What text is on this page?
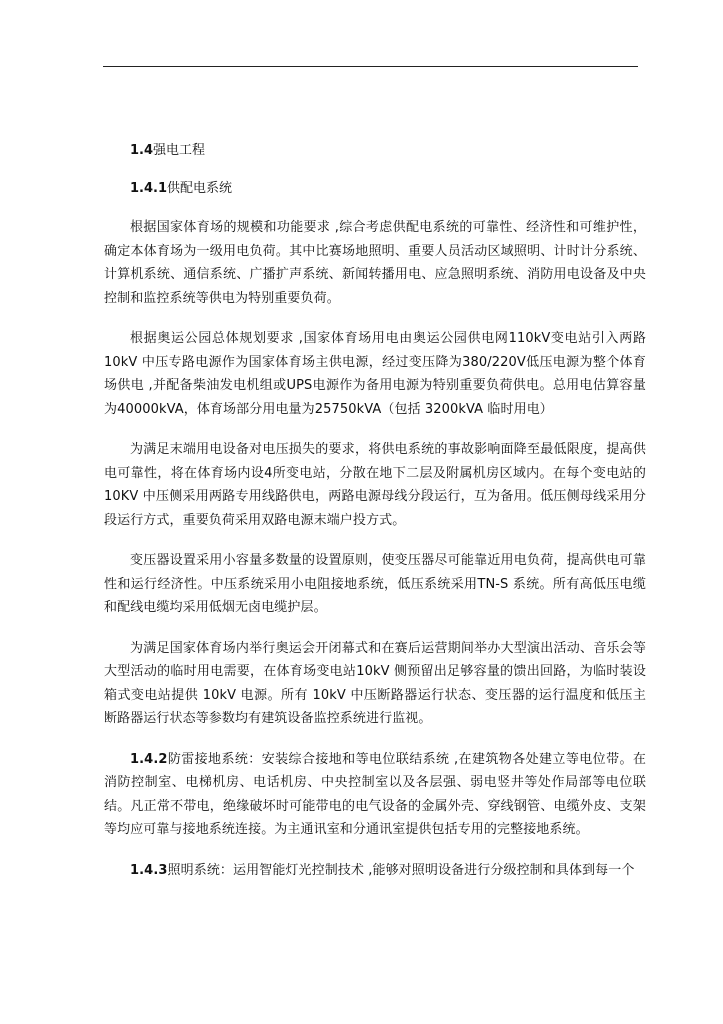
1.4强电工程
1.4.1供配电系统

根据国家体育场的规模和功能要求 ,综合考虑供配电系统的可靠性、经济性和可维护性，确定本体育场为一级用电负荷。其中比赛场地照明、重要人员活动区域照明、计时计分系统、计算机系统、通信系统、广播扩声系统、新闻转播用电、应急照明系统、消防用电设备及中央控制和监控系统等供电为特别重要负荷。

根据奥运公园总体规划要求 ,国家体育场用电由奥运公园供电网110kV变电站引入两路10kV 中压专路电源作为国家体育场主供电源，经过变压降为380/220V低压电源为整个体育场供电 ,并配备柴油发电机组或UPS电源作为备用电源为特别重要负荷供电。总用电估算容量为40000kVA，体育场部分用电量为25750kVA（包括 3200kVA 临时用电）

为满足末端用电设备对电压损失的要求，将供电系统的事故影响面降至最低限度，提高供电可靠性，将在体育场内设4所变电站，分散在地下二层及附属机房区域内。在每个变电站的10KV 中压侧采用两路专用线路供电，两路电源母线分段运行，互为备用。低压侧母线采用分段运行方式，重要负荷采用双路电源末端户投方式。

变压器设置采用小容量多数量的设置原则，使变压器尽可能靠近用电负荷，提高供电可靠性和运行经济性。中压系统采用小电阻接地系统，低压系统采用TN-S 系统。所有高低压电缆和配线电缆均采用低烟无卤电缆护层。

为满足国家体育场内举行奥运会开闭幕式和在赛后运营期间举办大型演出活动、音乐会等大型活动的临时用电需要，在体育场变电站10kV 侧预留出足够容量的馈出回路，为临时装设箱式变电站提供 10kV 电源。所有 10kV 中压断路器运行状态、变压器的运行温度和低压主断路器运行状态等参数均有建筑设备监控系统进行监视。

1.4.2防雷接地系统：安装综合接地和等电位联结系统 ,在建筑物各处建立等电位带。在消防控制室、电梯机房、电话机房、中央控制室以及各层强、弱电竖井等处作局部等电位联结。凡正常不带电，绝缘破坏时可能带电的电气设备的金属外壳、穿线钢管、电缆外皮、支架等均应可靠与接地系统连接。为主通讯室和分通讯室提供包括专用的完整接地系统。

1.4.3照明系统：运用智能灯光控制技术 ,能够对照明设备进行分级控制和具体到每一个
